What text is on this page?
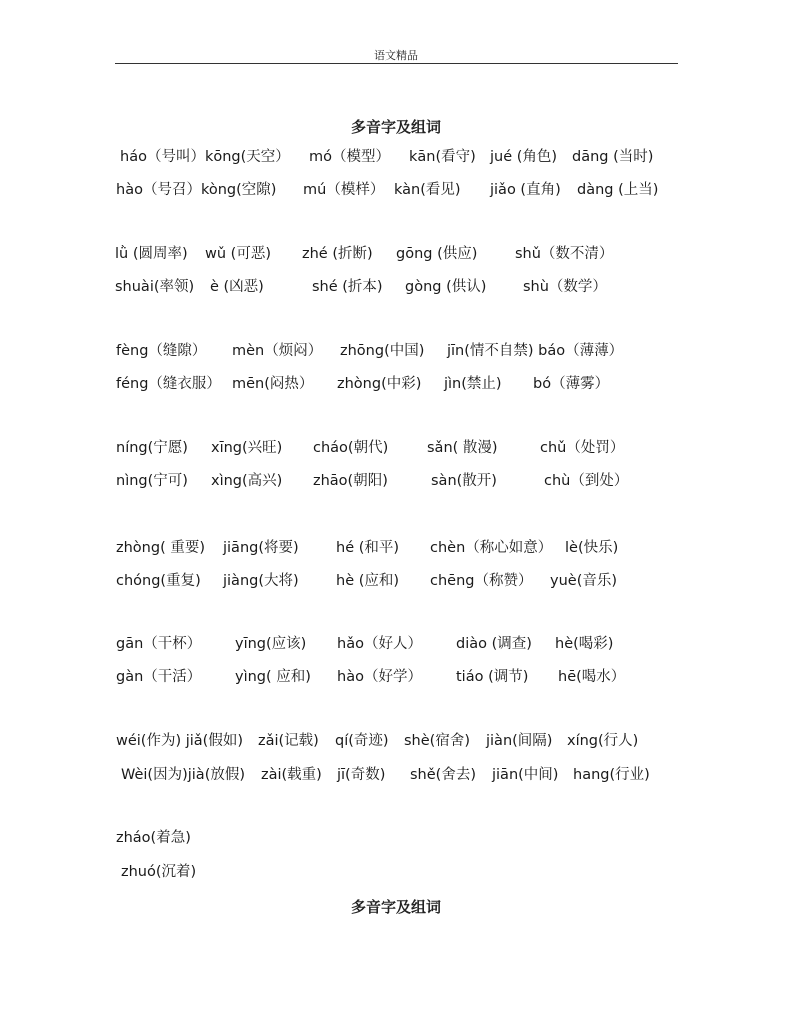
语文精品
多音字及组词
háo（号叫）kōng(天空） mó（模型） kān(看守) jué (角色) dāng (当时)
hào（号召）kòng(空隙) mú（模样） kàn(看见) jiǎo (直角) dàng (上当)
lǜ (圆周率) wǔ (可恶) zhé (折断) gōng (供应)	shǔ（数不清）
shuài(率领) è (凶恶)	shé (折本) gòng (供认)	shù（数学）
fèng（缝隙） mèn（烦闷） zhōng(中国) jīn(情不自禁) báo（薄薄）
féng（缝衣服） mēn(闷热） zhòng(中彩) jìn(禁止) bó（薄雾）
níng(宁愿) xīng(兴旺) cháo(朝代)	sǎn( 散漫)	chǔ（处罚）
nìng(宁可) xìng(高兴) zhāo(朝阳)	sàn(散开)	chù（到处）
zhòng( 重要) jiāng(将要)	hé (和平) chèn（称心如意） lè(快乐)
chóng(重复) jiàng(大将)	hè (应和) chēng（称赞） yuè(音乐)
gān（干杯） yīng(应该) hǎo（好人） diào (调查) hè(喝彩)
gàn（干活） yìng( 应和) hào（好学） tiáo (调节) hē(喝水）
wéi(作为) jiǎ(假如) zǎi(记载) qí(奇迹) shè(宿舍) jiàn(间隔) xíng(行人)
Wèi(因为)jià(放假) zài(载重) jī(奇数) shě(舍去) jiān(中间) hang(行业)
zháo(着急)
zhuó(沉着)
多音字及组词
